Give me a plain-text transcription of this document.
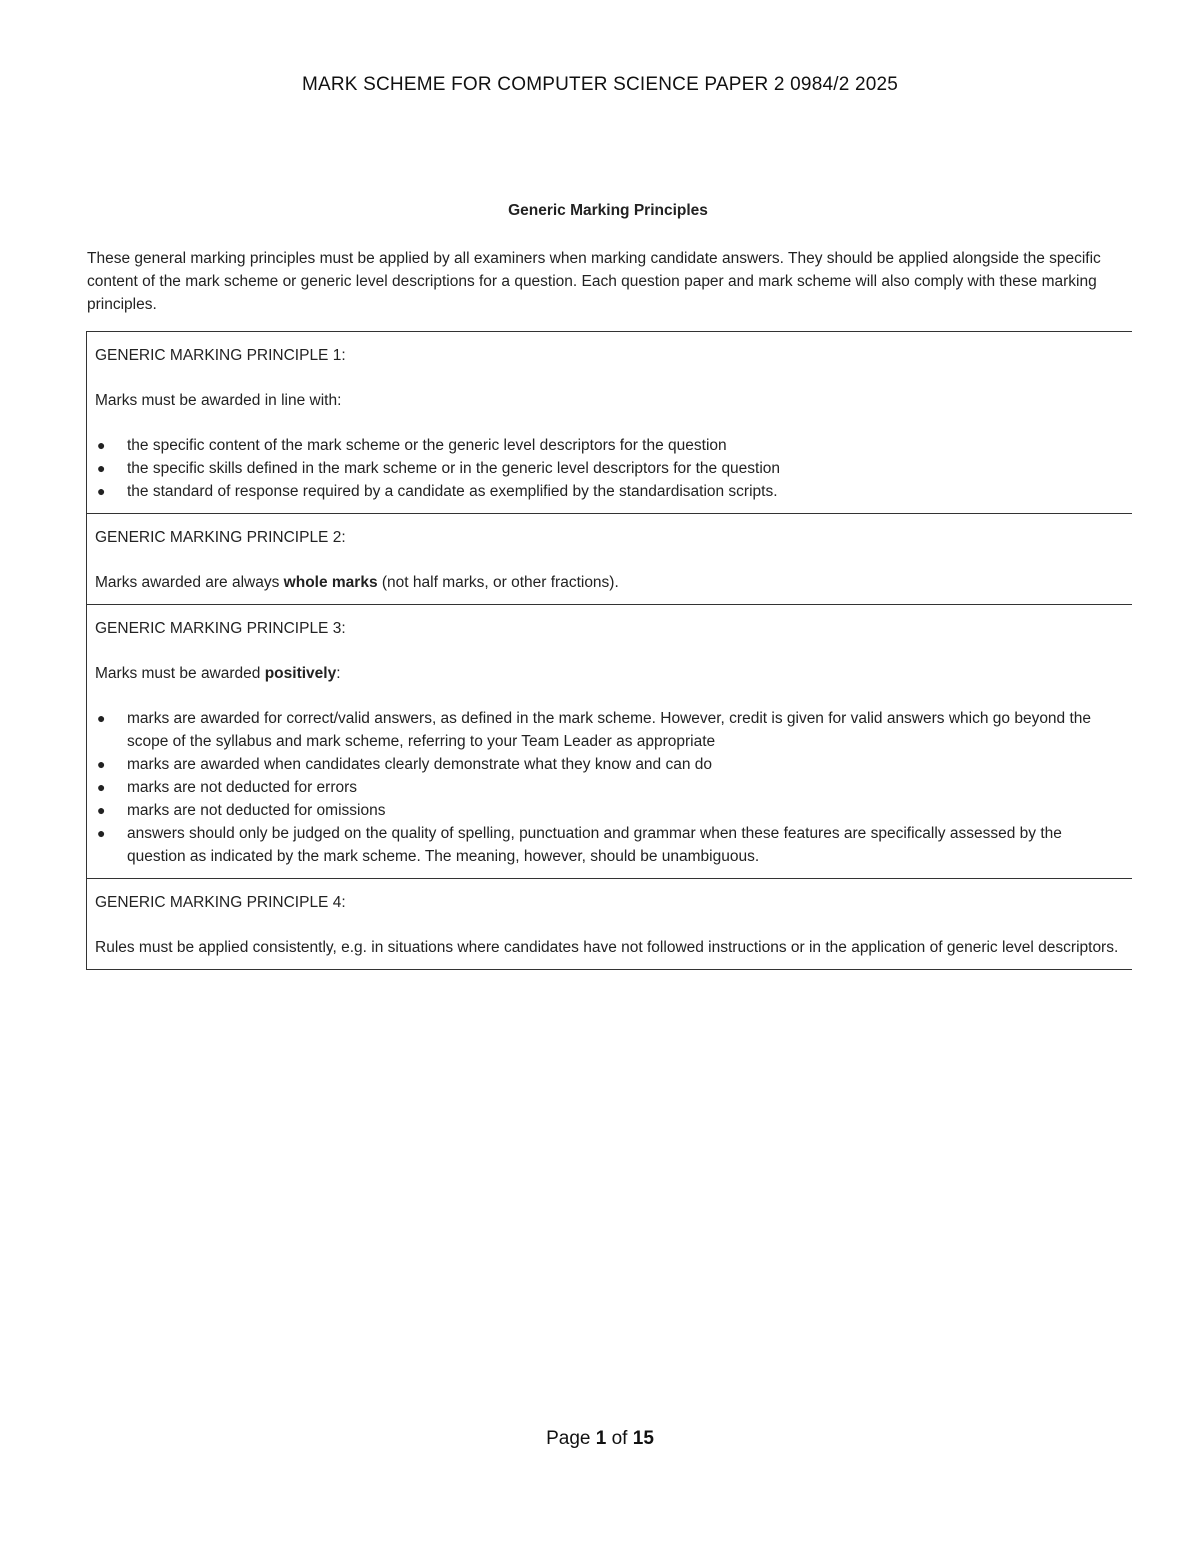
MARK SCHEME FOR COMPUTER SCIENCE PAPER 2 0984/2 2025
Generic Marking Principles
These general marking principles must be applied by all examiners when marking candidate answers. They should be applied alongside the specific content of the mark scheme or generic level descriptions for a question. Each question paper and mark scheme will also comply with these marking principles.

GENERIC MARKING PRINCIPLE 1:

Marks must be awarded in line with:

● the specific content of the mark scheme or the generic level descriptors for the question
● the specific skills defined in the mark scheme or in the generic level descriptors for the question
● the standard of response required by a candidate as exemplified by the standardisation scripts.

GENERIC MARKING PRINCIPLE 2:

Marks awarded are always whole marks (not half marks, or other fractions).

GENERIC MARKING PRINCIPLE 3:

Marks must be awarded positively:

● marks are awarded for correct/valid answers, as defined in the mark scheme. However, credit is given for valid answers which go beyond the scope of the syllabus and mark scheme, referring to your Team Leader as appropriate
● marks are awarded when candidates clearly demonstrate what they know and can do
● marks are not deducted for errors
● marks are not deducted for omissions
● answers should only be judged on the quality of spelling, punctuation and grammar when these features are specifically assessed by the question as indicated by the mark scheme. The meaning, however, should be unambiguous.

GENERIC MARKING PRINCIPLE 4:

Rules must be applied consistently, e.g. in situations where candidates have not followed instructions or in the application of generic level descriptors.

Page 1 of 15
